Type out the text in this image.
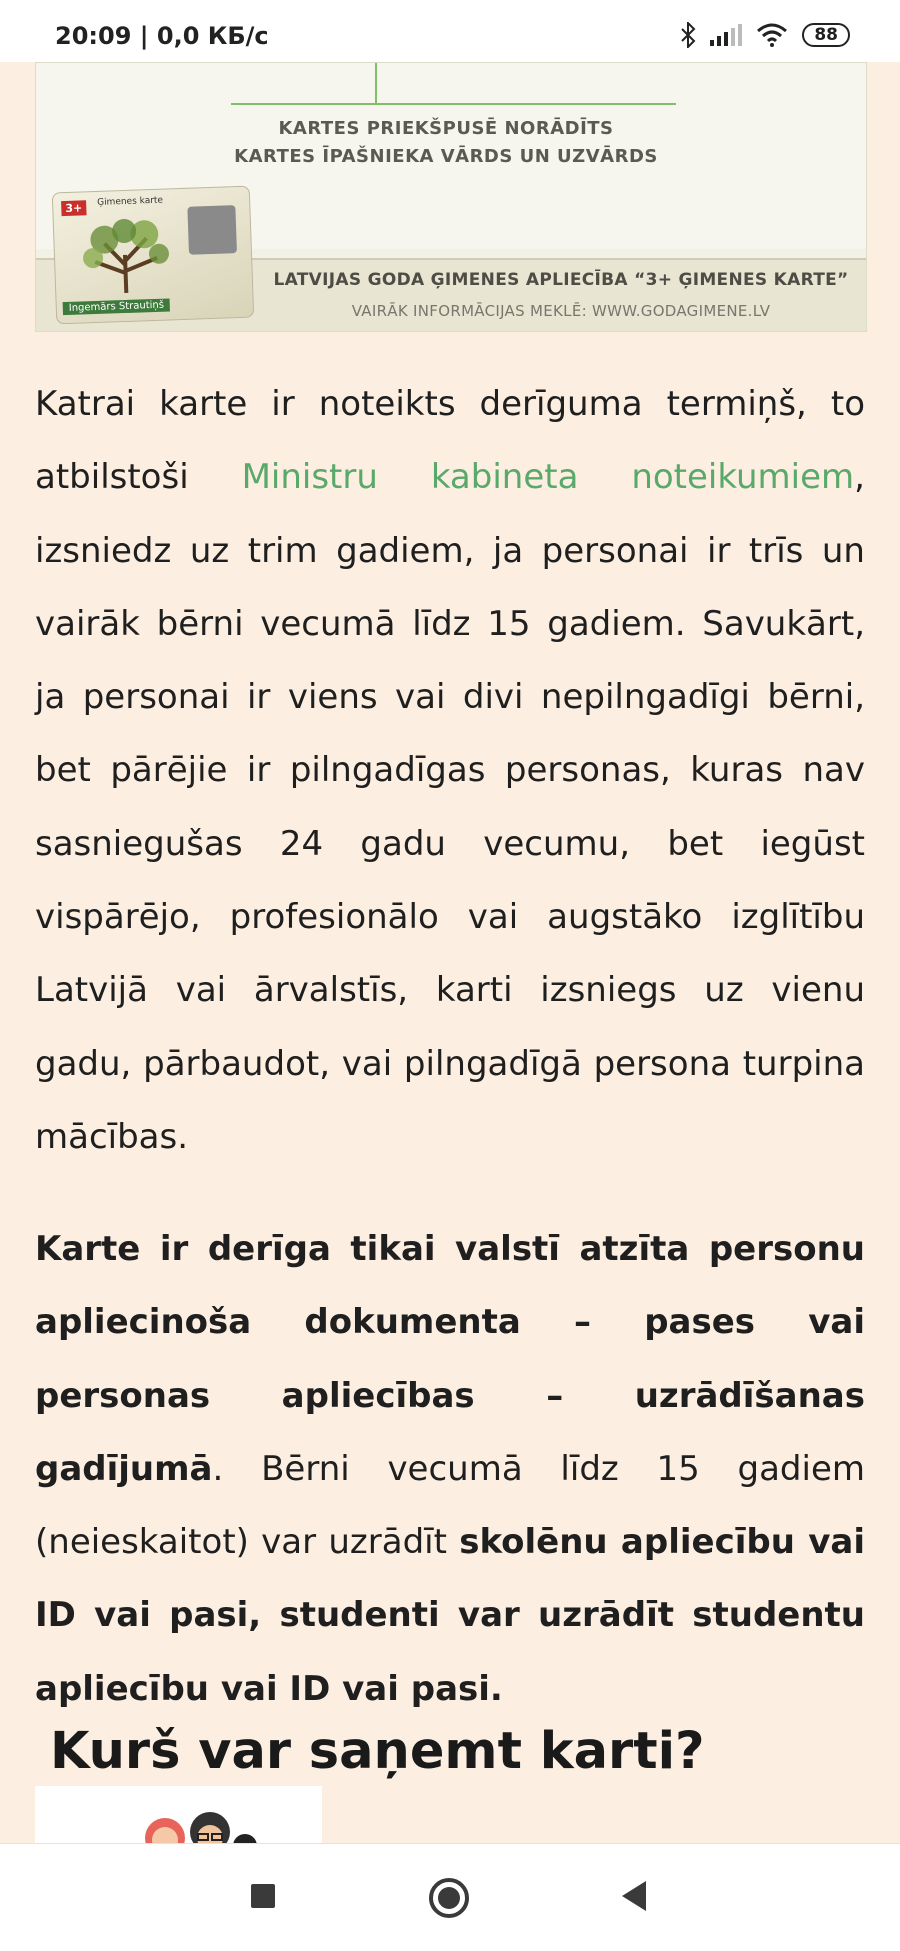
20:09 | 0,0 КБ/с	88
KARTES PRIEKŠPUSĒ NORĀDĪTS
KARTES ĪPAŠNIEKA VĀRDS UN UZVĀRDS
LATVIJAS GODA ĢIMENES APLIECĪBA “3+ ĢIMENES KARTE”
VAIRĀK INFORMĀCIJAS MEKLĒ: WWW.GODAGIMENE.LV
3+	Ģimenes karte
Ingemārs Strautiņš

Katrai karte ir noteikts derīguma termiņš, to atbilstoši Ministru kabineta noteikumiem, izsniedz uz trim gadiem, ja personai ir trīs un vairāk bērni vecumā līdz 15 gadiem. Savukārt, ja personai ir viens vai divi nepilngadīgi bērni, bet pārējie ir pilngadīgas personas, kuras nav sasniegušas 24 gadu vecumu, bet iegūst vispārējo, profesionālo vai augstāko izglītību Latvijā vai ārvalstīs, karti izsniegs uz vienu gadu, pārbaudot, vai pilngadīgā persona turpina mācības.

Karte ir derīga tikai valstī atzīta personu apliecinoša dokumenta – pases vai personas apliecības – uzrādīšanas gadījumā. Bērni vecumā līdz 15 gadiem (neieskaitot) var uzrādīt skolēnu apliecību vai ID vai pasi, studenti var uzrādīt studentu apliecību vai ID vai pasi.

Kurš var saņemt karti?
